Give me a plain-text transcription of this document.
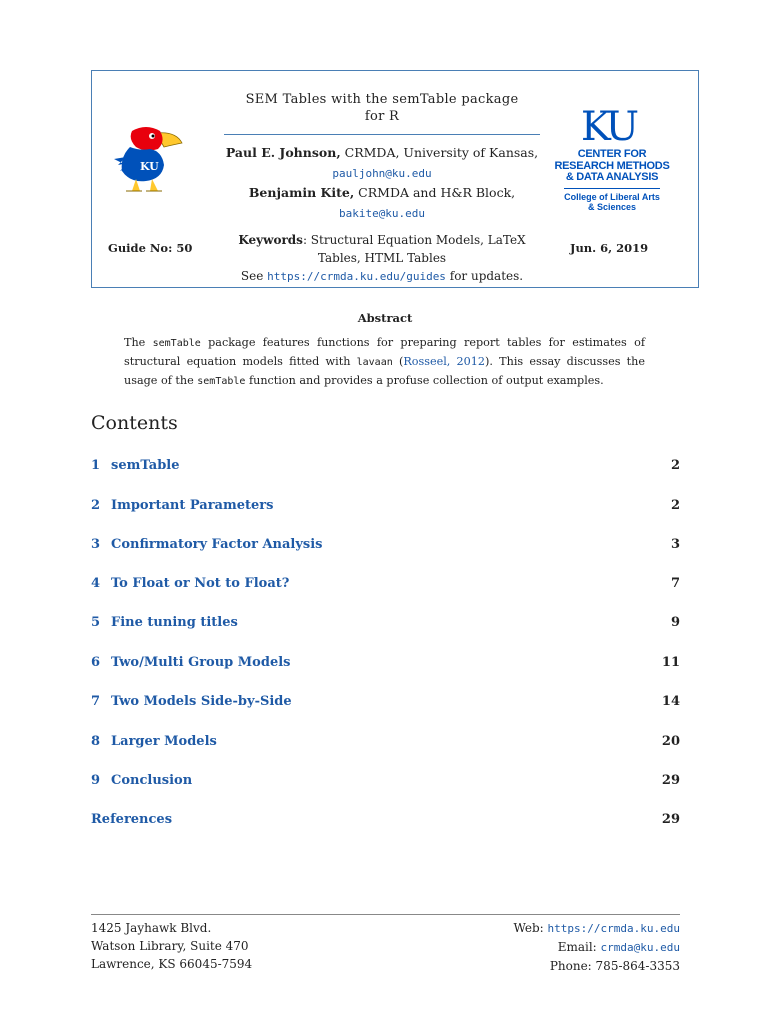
KU
SEM Tables with the semTable package
for R
Paul E. Johnson, CRMDA, University of Kansas,
pauljohn@ku.edu
Benjamin Kite, CRMDA and H&R Block,
bakite@ku.edu
Guide No: 50
Keywords: Structural Equation Models, LaTeX
Tables, HTML Tables
See https://crmda.ku.edu/guides for updates.
Jun. 6, 2019
KU
CENTER FOR
RESEARCH METHODS
& DATA ANALYSIS
College of Liberal Arts
& Sciences
Abstract
The semTable package features functions for preparing report tables for estimates of structural equation models fitted with lavaan (Rosseel, 2012). This essay discusses the usage of the semTable function and provides a profuse collection of output examples.
Contents
1 semTable	2
2 Important Parameters	2
3 Confirmatory Factor Analysis	3
4 To Float or Not to Float?	7
5 Fine tuning titles	9
6 Two/Multi Group Models	11
7 Two Models Side-by-Side	14
8 Larger Models	20
9 Conclusion	29
References	29
1425 Jayhawk Blvd.
Watson Library, Suite 470
Lawrence, KS 66045-7594
Web: https://crmda.ku.edu
Email: crmda@ku.edu
Phone: 785-864-3353
